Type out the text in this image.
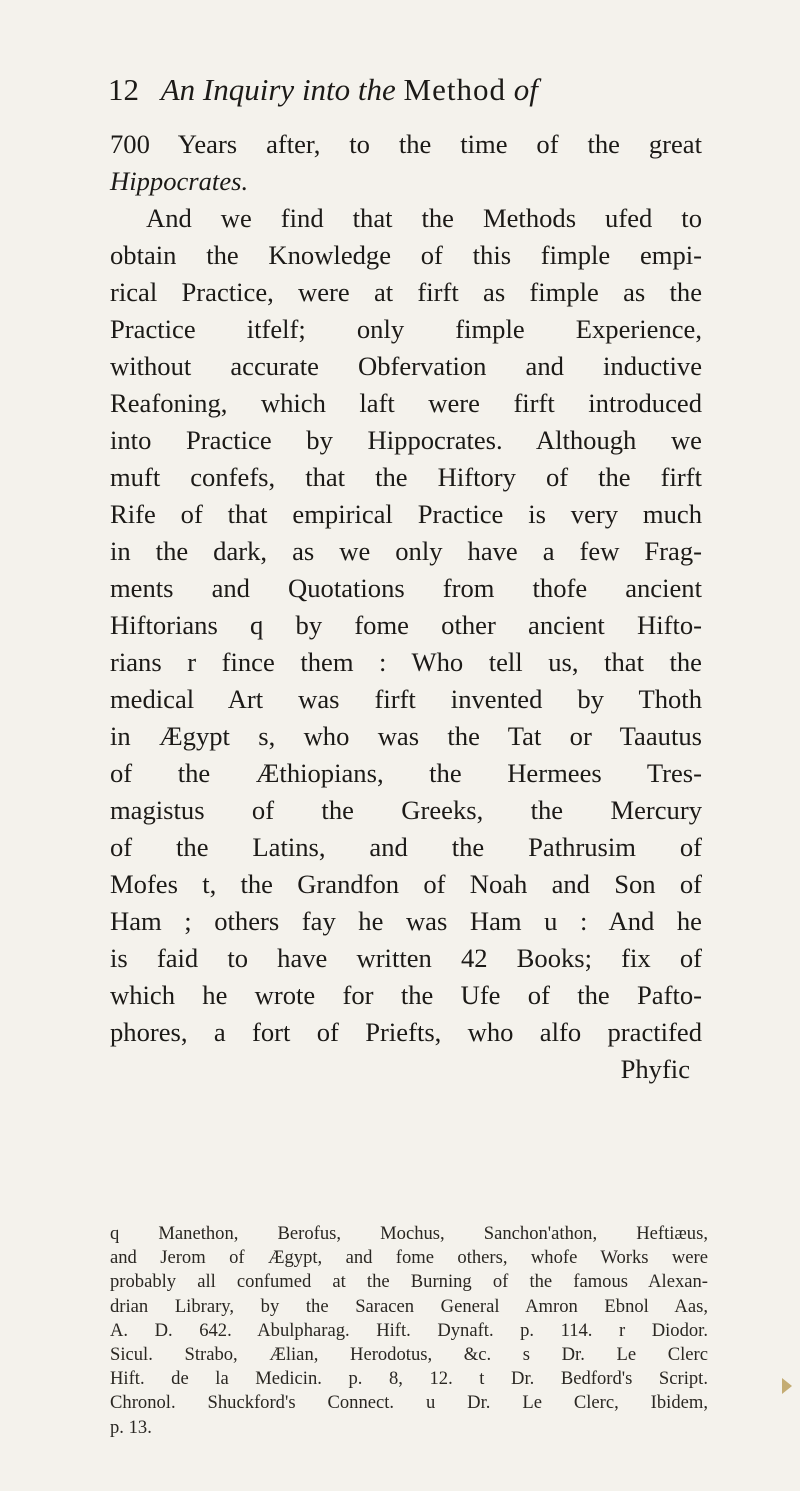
12 An Inquiry into the Method of
700 Years after, to the time of the great
Hippocrates.
And we find that the Methods ufed to
obtain the Knowledge of this fimple empi-
rical Practice, were at firft as fimple as the
Practice itfelf; only fimple Experience,
without accurate Obfervation and inductive
Reafoning, which laft were firft introduced
into Practice by Hippocrates. Although we
muft confefs, that the Hiftory of the firft
Rife of that empirical Practice is very much
in the dark, as we only have a few Frag-
ments and Quotations from thofe ancient
Hiftorians q by fome other ancient Hifto-
rians r fince them : Who tell us, that the
medical Art was firft invented by Thoth
in Ægypt s, who was the Tat or Taautus
of the Æthiopians, the Hermees Tres-
magistus of the Greeks, the Mercury
of the Latins, and the Pathrusim of
Mofes t, the Grandfon of Noah and Son of
Ham ; others fay he was Ham u : And he
is faid to have written 42 Books; fix of
which he wrote for the Ufe of the Pafto-
phores, a fort of Priefts, who alfo practifed
Phyfic
q Manethon, Berofus, Mochus, Sanchon'athon, Heftiæus,
and Jerom of Ægypt, and fome others, whofe Works were
probably all confumed at the Burning of the famous Alexan-
drian Library, by the Saracen General Amron Ebnol Aas,
A. D. 642. Abulpharag. Hift. Dynaft. p. 114. r Diodor.
Sicul. Strabo, Ælian, Herodotus, &c. s Dr. Le Clerc
Hift. de la Medicin. p. 8, 12. t Dr. Bedford's Script.
Chronol. Shuckford's Connect. u Dr. Le Clerc, Ibidem,
p. 13.
